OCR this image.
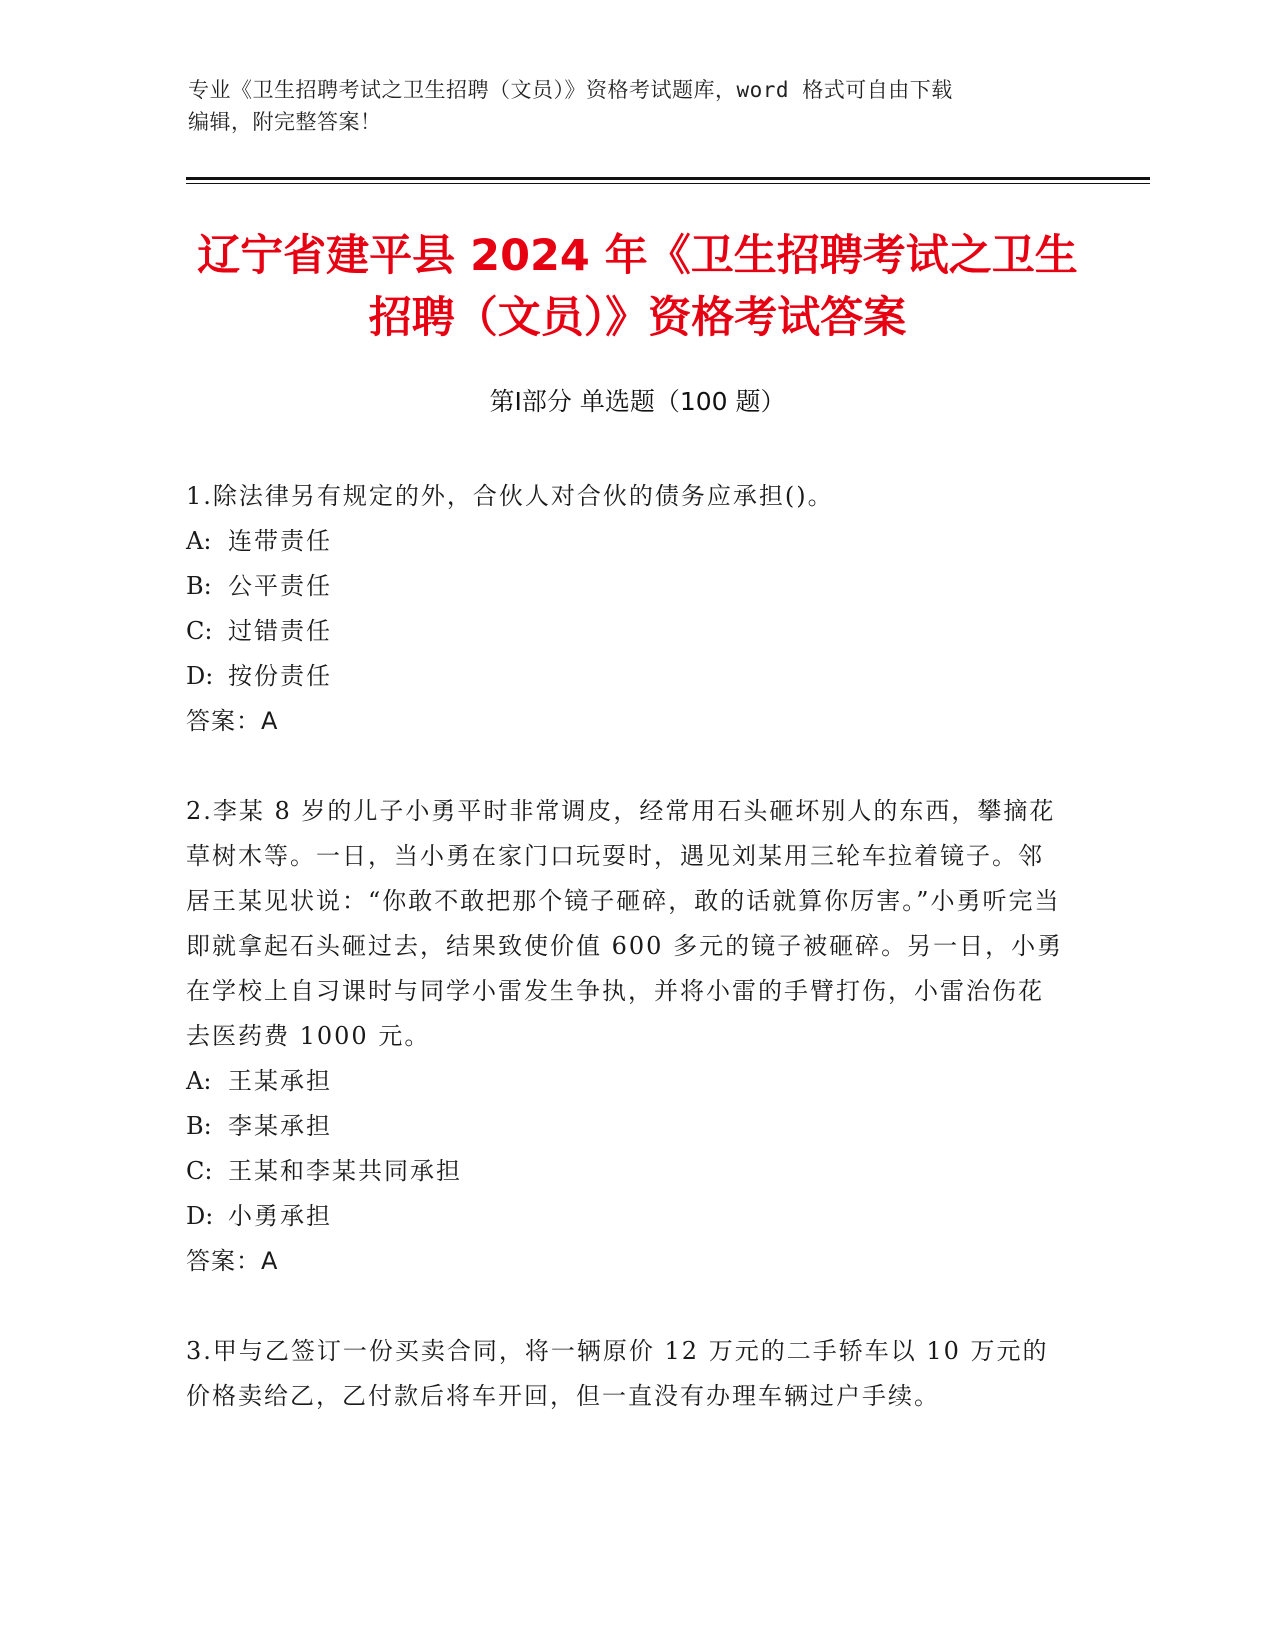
专业《卫生招聘考试之卫生招聘（文员）》资格考试题库，word 格式可自由下载
编辑，附完整答案！
辽宁省建平县 2024 年《卫生招聘考试之卫生
招聘（文员）》资格考试答案
第Ⅰ部分 单选题（100 题）

1.除法律另有规定的外，合伙人对合伙的债务应承担()。

A: 连带责任

B: 公平责任

C: 过错责任

D: 按份责任

答案：A

2.李某 8 岁的儿子小勇平时非常调皮，经常用石头砸坏别人的东西，攀摘花草树木等。一日，当小勇在家门口玩耍时，遇见刘某用三轮车拉着镜子。邻居王某见状说：“你敢不敢把那个镜子砸碎，敢的话就算你厉害。”小勇听完当即就拿起石头砸过去，结果致使价值 600 多元的镜子被砸碎。另一日，小勇在学校上自习课时与同学小雷发生争执，并将小雷的手臂打伤，小雷治伤花去医药费 1000 元。

A: 王某承担

B: 李某承担

C: 王某和李某共同承担

D: 小勇承担

答案：A

3.甲与乙签订一份买卖合同，将一辆原价 12 万元的二手轿车以 10 万元的价格卖给乙，乙付款后将车开回，但一直没有办理车辆过户手续。
